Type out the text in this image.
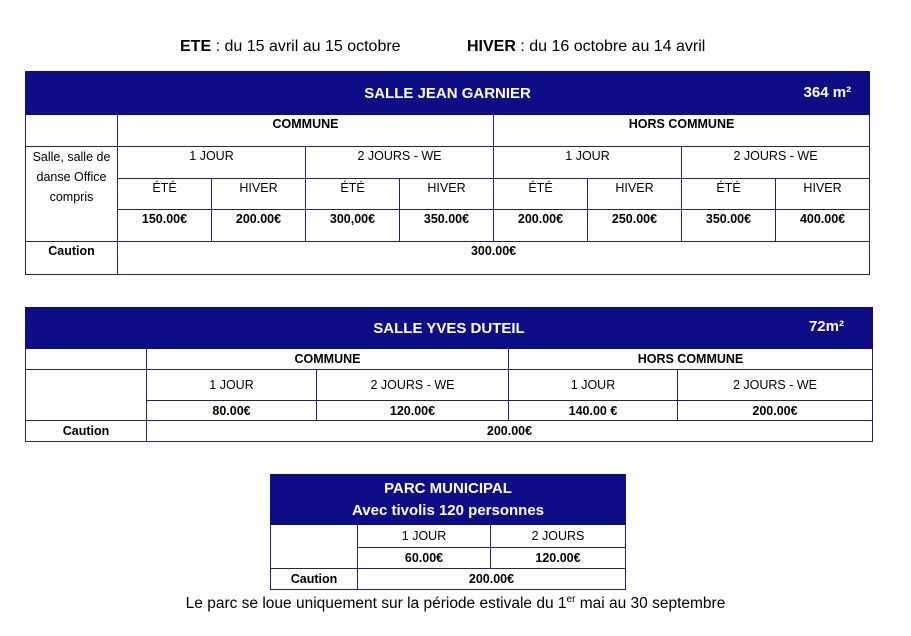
ETE : du 15 avril au 15 octobre	HIVER : du 16 octobre au 14 avril
SALLE JEAN GARNIER 364 m²								

	COMMUNE				HORS COMMUNE			
Salle, salle de danse Office compris	1 JOUR		2 JOURS - WE		1 JOUR		2 JOURS - WE	
	ÉTÉ	HIVER	ÉTÉ	HIVER	ÉTÉ	HIVER	ÉTÉ	HIVER
	150.00€	200.00€	300,00€	350.00€	200.00€	250.00€	350.00€	400.00€
Caution	300.00€							
SALLE YVES DUTEIL 72m²				

	COMMUNE		HORS COMMUNE	
	1 JOUR	2 JOURS - WE	1 JOUR	2 JOURS - WE
	80.00€	120.00€	140.00 €	200.00€
Caution	200.00€			
PARC MUNICIPAL
Avec tivolis 120 personnes		

	1 JOUR	2 JOURS
	60.00€	120.00€
Caution	200.00€	
Le parc se loue uniquement sur la période estivale du 1er mai au 30 septembre
